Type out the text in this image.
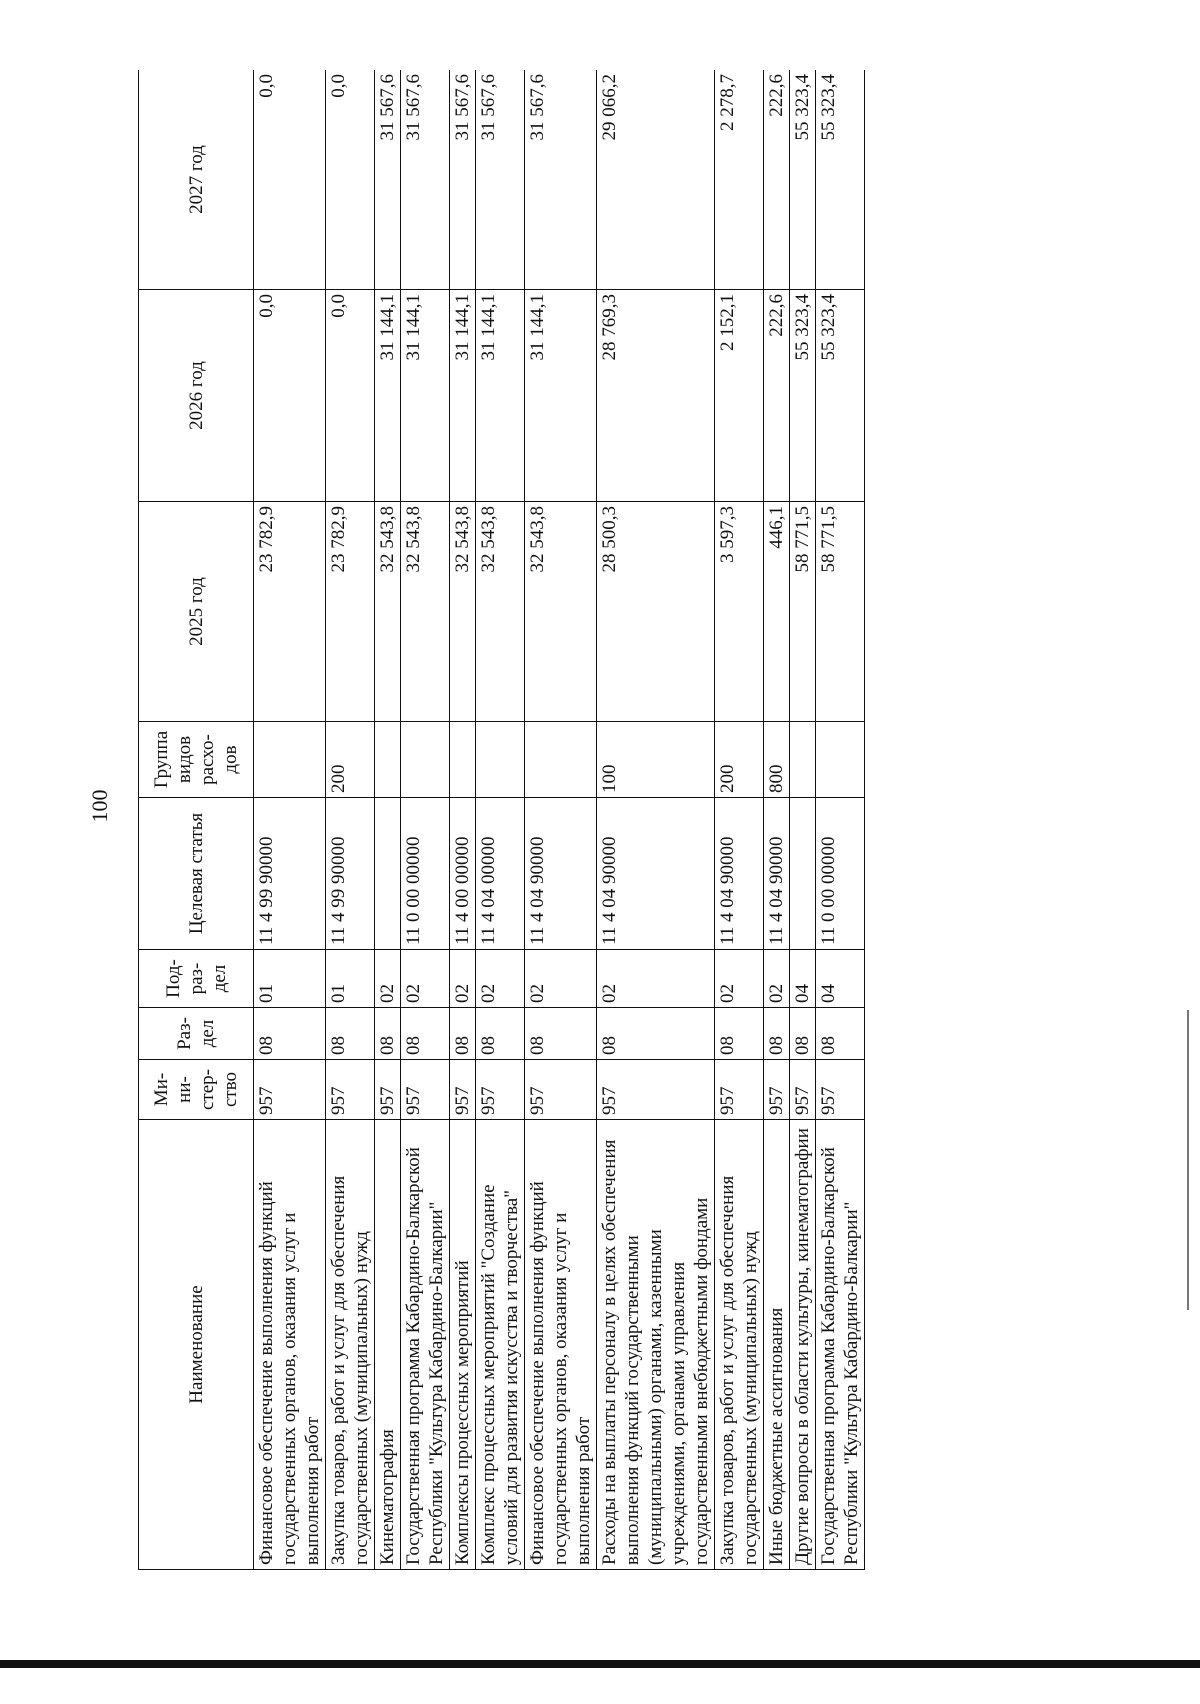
100
Наименование	Ми-ни-стер-ство	Раз-дел	Под-раз-дел	Целевая статья	Группа видов расхо-дов	2025 год	2026 год	2027 год
Финансовое обеспечение выполнения функций государственных органов, оказания услуг и выполнения работ	957	08	01	11 4 99 90000		23 782,9	0,0	0,0
Закупка товаров, работ и услуг для обеспечения государственных (муниципальных) нужд	957	08	01	11 4 99 90000	200	23 782,9	0,0	0,0
Кинематография	957	08	02			32 543,8	31 144,1	31 567,6
Государственная программа Кабардино-Балкарской Республики "Культура Кабардино-Балкарии"	957	08	02	11 0 00 00000		32 543,8	31 144,1	31 567,6
Комплексы процессных мероприятий	957	08	02	11 4 00 00000		32 543,8	31 144,1	31 567,6
Комплекс процессных мероприятий "Создание условий для развития искусства и творчества"	957	08	02	11 4 04 00000		32 543,8	31 144,1	31 567,6
Финансовое обеспечение выполнения функций государственных органов, оказания услуг и выполнения работ	957	08	02	11 4 04 90000		32 543,8	31 144,1	31 567,6
Расходы на выплаты персоналу в целях обеспечения выполнения функций государственными (муниципальными) органами, казенными учреждениями, органами управления государственными внебюджетными фондами	957	08	02	11 4 04 90000	100	28 500,3	28 769,3	29 066,2
Закупка товаров, работ и услуг для обеспечения государственных (муниципальных) нужд	957	08	02	11 4 04 90000	200	3 597,3	2 152,1	2 278,7
Иные бюджетные ассигнования	957	08	02	11 4 04 90000	800	446,1	222,6	222,6
Другие вопросы в области культуры, кинематографии	957	08	04			58 771,5	55 323,4	55 323,4
Государственная программа Кабардино-Балкарской Республики "Культура Кабардино-Балкарии"	957	08	04	11 0 00 00000		58 771,5	55 323,4	55 323,4
